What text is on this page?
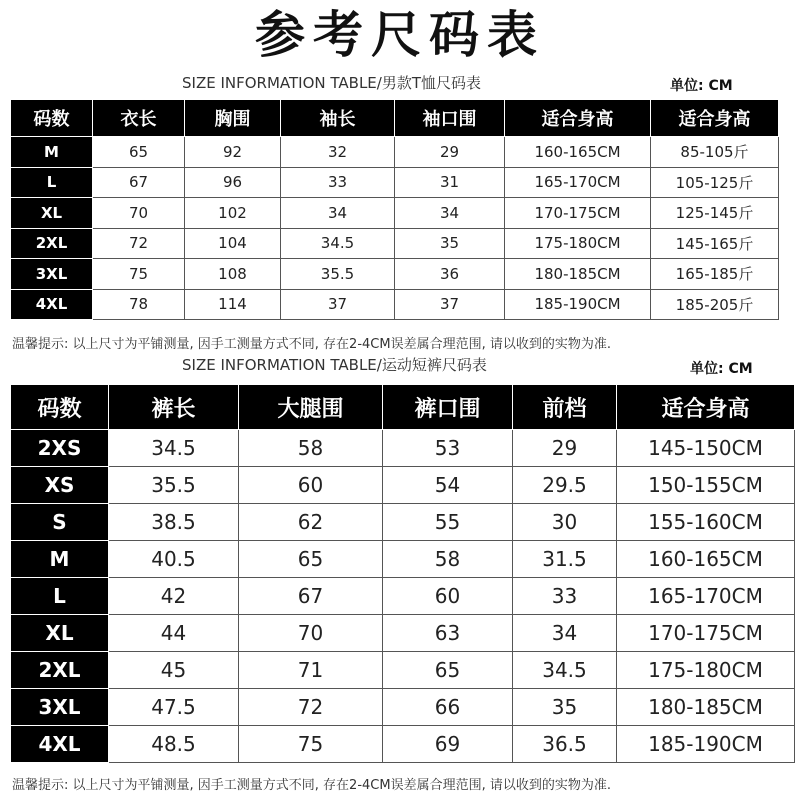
参考尺码表
SIZE INFORMATION TABLE/男款T恤尺码表	单位: CM
码数	衣长	胸围	袖长	袖口围	适合身高	适合身高
M	65	92	32	29	160-165CM	85-105斤
L	67	96	33	31	165-170CM	105-125斤
XL	70	102	34	34	170-175CM	125-145斤
2XL	72	104	34.5	35	175-180CM	145-165斤
3XL	75	108	35.5	36	180-185CM	165-185斤
4XL	78	114	37	37	185-190CM	185-205斤
温馨提示: 以上尺寸为平铺测量, 因手工测量方式不同, 存在2-4CM误差属合理范围, 请以收到的实物为准.
SIZE INFORMATION TABLE/运动短裤尺码表	单位: CM
码数	裤长	大腿围	裤口围	前档	适合身高
2XS	34.5	58	53	29	145-150CM
XS	35.5	60	54	29.5	150-155CM
S	38.5	62	55	30	155-160CM
M	40.5	65	58	31.5	160-165CM
L	42	67	60	33	165-170CM
XL	44	70	63	34	170-175CM
2XL	45	71	65	34.5	175-180CM
3XL	47.5	72	66	35	180-185CM
4XL	48.5	75	69	36.5	185-190CM
温馨提示: 以上尺寸为平铺测量, 因手工测量方式不同, 存在2-4CM误差属合理范围, 请以收到的实物为准.
